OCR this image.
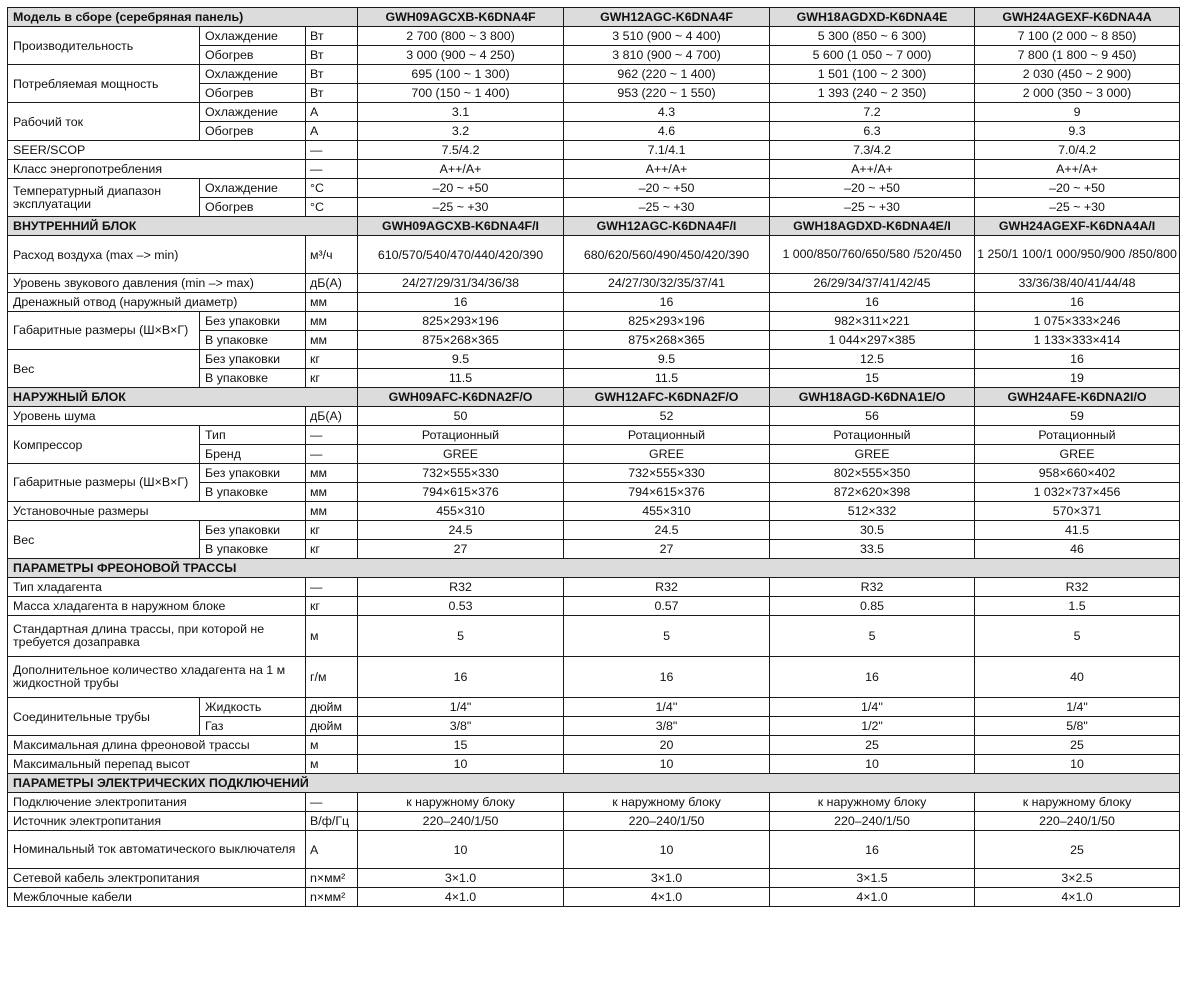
Модель в сборе (серебряная панель)			GWH09AGCXB-K6DNA4F	GWH12AGC-K6DNA4F	GWH18AGDXD-K6DNA4E	GWH24AGEXF-K6DNA4A
Производительность	Охлаждение	Вт	2 700 (800 ~ 3 800)	3 510 (900 ~ 4 400)	5 300 (850 ~ 6 300)	7 100 (2 000 ~ 8 850)
	Обогрев	Вт	3 000 (900 ~ 4 250)	3 810 (900 ~ 4 700)	5 600 (1 050 ~ 7 000)	7 800 (1 800 ~ 9 450)
Потребляемая мощность	Охлаждение	Вт	695 (100 ~ 1 300)	962 (220 ~ 1 400)	1 501 (100 ~ 2 300)	2 030 (450 ~ 2 900)
	Обогрев	Вт	700 (150 ~ 1 400)	953 (220 ~ 1 550)	1 393 (240 ~ 2 350)	2 000 (350 ~ 3 000)
Рабочий ток	Охлаждение	А	3.1	4.3	7.2	9
	Обогрев	А	3.2	4.6	6.3	9.3
SEER/SCOP		—	7.5/4.2	7.1/4.1	7.3/4.2	7.0/4.2
Класс энергопотребления		—	A++/A+	A++/A+	A++/A+	A++/A+
Температурный диапазон эксплуатации	Охлаждение	°C	–20 ~ +50	–20 ~ +50	–20 ~ +50	–20 ~ +50
	Обогрев	°C	–25 ~ +30	–25 ~ +30	–25 ~ +30	–25 ~ +30
ВНУТРЕННИЙ БЛОК			GWH09AGCXB-K6DNA4F/I	GWH12AGC-K6DNA4F/I	GWH18AGDXD-K6DNA4E/I	GWH24AGEXF-K6DNA4A/I
Расход воздуха (max –> min)		м³/ч	610/570/540/470/440/420/390	680/620/560/490/450/420/390	1 000/850/760/650/580 /520/450	1 250/1 100/1 000/950/900 /850/800
Уровень звукового давления (min –> max)		дБ(А)	24/27/29/31/34/36/38	24/27/30/32/35/37/41	26/29/34/37/41/42/45	33/36/38/40/41/44/48
Дренажный отвод (наружный диаметр)		мм	16	16	16	16
Габаритные размеры (Ш×В×Г)	Без упаковки	мм	825×293×196	825×293×196	982×311×221	1 075×333×246
	В упаковке	мм	875×268×365	875×268×365	1 044×297×385	1 133×333×414
Вес	Без упаковки	кг	9.5	9.5	12.5	16
	В упаковке	кг	11.5	11.5	15	19
НАРУЖНЫЙ БЛОК			GWH09AFC-K6DNA2F/O	GWH12AFC-K6DNA2F/O	GWH18AGD-K6DNA1E/O	GWH24AFE-K6DNA2I/O
Уровень шума		дБ(А)	50	52	56	59
Компрессор	Тип	—	Ротационный	Ротационный	Ротационный	Ротационный
	Бренд	—	GREE	GREE	GREE	GREE
Габаритные размеры (Ш×В×Г)	Без упаковки	мм	732×555×330	732×555×330	802×555×350	958×660×402
	В упаковке	мм	794×615×376	794×615×376	872×620×398	1 032×737×456
Установочные размеры		мм	455×310	455×310	512×332	570×371
Вес	Без упаковки	кг	24.5	24.5	30.5	41.5
	В упаковке	кг	27	27	33.5	46
ПАРАМЕТРЫ ФРЕОНОВОЙ ТРАССЫ						
Тип хладагента		—	R32	R32	R32	R32
Масса хладагента в наружном блоке		кг	0.53	0.57	0.85	1.5
Стандартная длина трассы, при которой не требуется дозаправка		м	5	5	5	5
Дополнительное количество хладагента на 1 м жидкостной трубы		г/м	16	16	16	40
Соединительные трубы	Жидкость	дюйм	1/4"	1/4''	1/4''	1/4"
	Газ	дюйм	3/8"	3/8"	1/2"	5/8"
Максимальная длина фреоновой трассы		м	15	20	25	25
Максимальный перепад высот		м	10	10	10	10
ПАРАМЕТРЫ ЭЛЕКТРИЧЕСКИХ ПОДКЛЮЧЕНИЙ						
Подключение электропитания		—	к наружному блоку	к наружному блоку	к наружному блоку	к наружному блоку
Источник электропитания		В/ф/Гц	220–240/1/50	220–240/1/50	220–240/1/50	220–240/1/50
Номинальный ток автоматического выключателя		А	10	10	16	25
Сетевой кабель электропитания		n×мм²	3×1.0	3×1.0	3×1.5	3×2.5
Межблочные кабели		n×мм²	4×1.0	4×1.0	4×1.0	4×1.0
